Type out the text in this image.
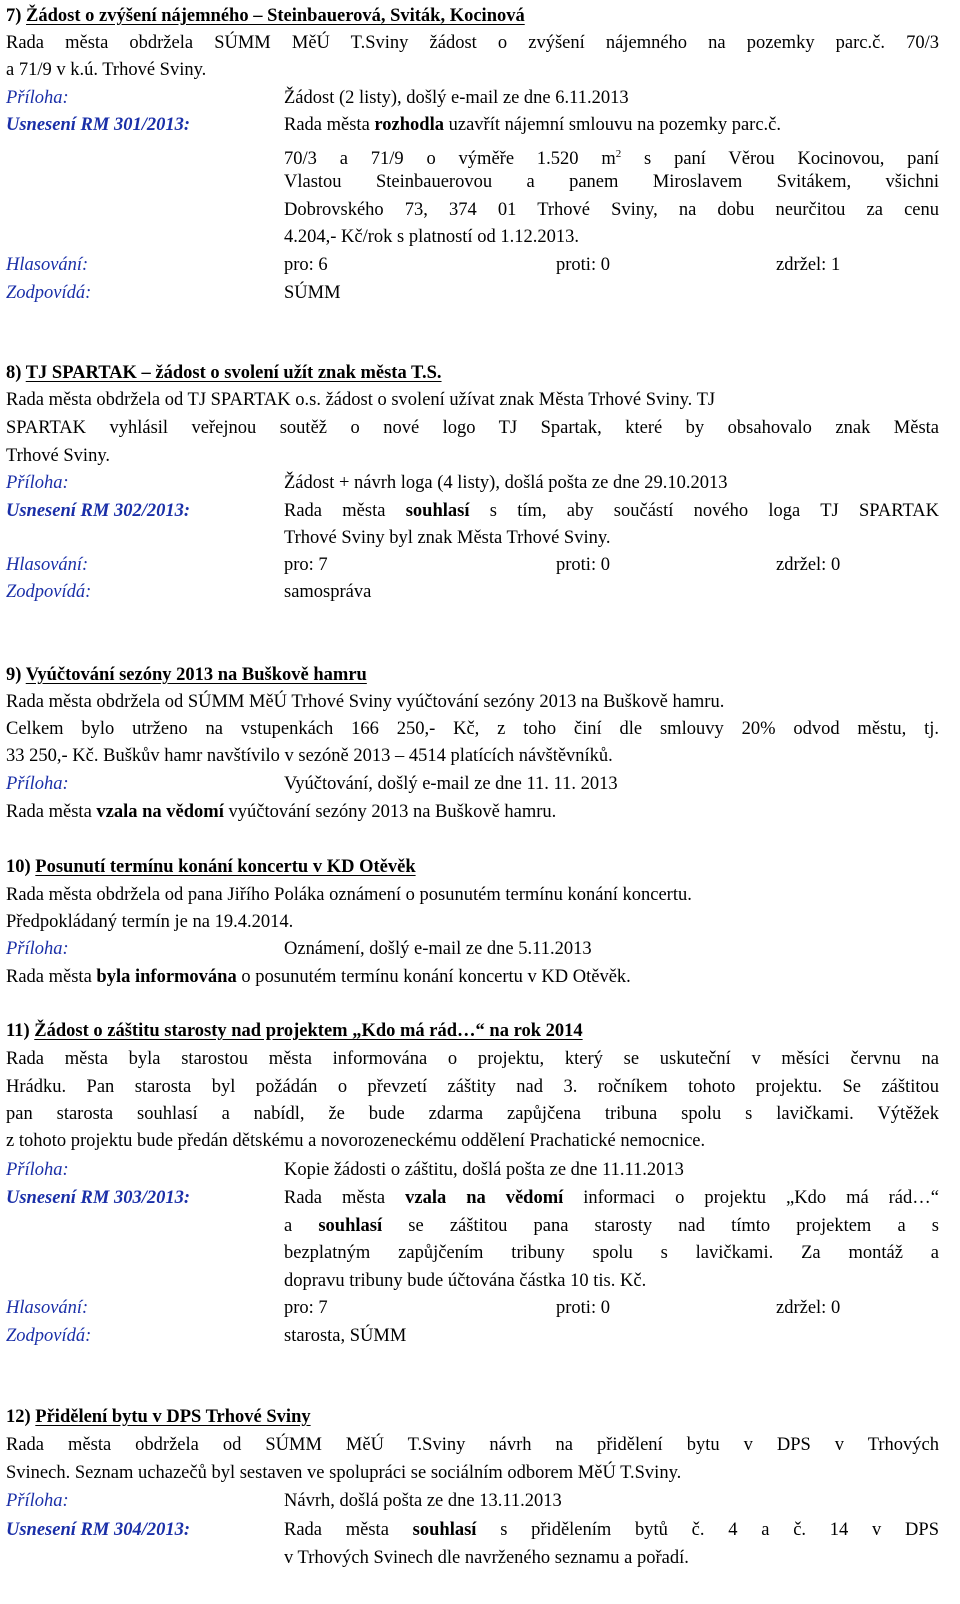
7) Žádost o zvýšení nájemného – Steinbauerová, Sviták, Kocinová
Rada města obdržela SÚMM MěÚ T.Sviny žádost o zvýšení nájemného na pozemky parc.č. 70/3
a 71/9 v k.ú. Trhové Sviny.
Příloha:	Žádost (2 listy), došlý e-mail ze dne 6.11.2013
Usnesení RM 301/2013:	Rada města rozhodla uzavřít nájemní smlouvu na pozemky parc.č.
70/3 a 71/9 o výměře 1.520 $m^2$ s paní Věrou Kocinovou, paní
Vlastou Steinbauerovou a panem Miroslavem Svitákem, všichni
Dobrovského 73, 374 01 Trhové Sviny, na dobu neurčitou za cenu
4.204,- Kč/rok s platností od 1.12.2013.
Hlasování:	pro: 6	proti: 0	zdržel: 1
Zodpovídá:	SÚMM
8) TJ SPARTAK – žádost o svolení užít znak města T.S.
Rada města obdržela od TJ SPARTAK o.s. žádost o svolení užívat znak Města Trhové Sviny. TJ
SPARTAK vyhlásil veřejnou soutěž o nové logo TJ Spartak, které by obsahovalo znak Města
Trhové Sviny.
Příloha:	Žádost + návrh loga (4 listy), došlá pošta ze dne 29.10.2013
Usnesení RM 302/2013:	Rada města souhlasí s tím, aby součástí nového loga TJ SPARTAK
Trhové Sviny byl znak Města Trhové Sviny.
Hlasování:	pro: 7	proti: 0	zdržel: 0
Zodpovídá:	samospráva
9) Vyúčtování sezóny 2013 na Buškově hamru
Rada města obdržela od SÚMM MěÚ Trhové Sviny vyúčtování sezóny 2013 na Buškově hamru.
Celkem bylo utrženo na vstupenkách 166 250,- Kč, z toho činí dle smlouvy 20% odvod městu, tj.
33 250,- Kč. Buškův hamr navštívilo v sezóně 2013 – 4514 platících návštěvníků.
Příloha:	Vyúčtování, došlý e-mail ze dne 11. 11. 2013
Rada města vzala na vědomí vyúčtování sezóny 2013 na Buškově hamru.
10) Posunutí termínu konání koncertu v KD Otěvěk
Rada města obdržela od pana Jiřího Poláka oznámení o posunutém termínu konání koncertu.
Předpokládaný termín je na 19.4.2014.
Příloha:	Oznámení, došlý e-mail ze dne 5.11.2013
Rada města byla informována o posunutém termínu konání koncertu v KD Otěvěk.
11) Žádost o záštitu starosty nad projektem „Kdo má rád…“ na rok 2014
Rada města byla starostou města informována o projektu, který se uskuteční v měsíci červnu na
Hrádku. Pan starosta byl požádán o převzetí záštity nad 3. ročníkem tohoto projektu. Se záštitou
pan starosta souhlasí a nabídl, že bude zdarma zapůjčena tribuna spolu s lavičkami. Výtěžek
z tohoto projektu bude předán dětskému a novorozeneckému oddělení Prachatické nemocnice.
Příloha:	Kopie žádosti o záštitu, došlá pošta ze dne 11.11.2013
Usnesení RM 303/2013:	Rada města vzala na vědomí informaci o projektu „Kdo má rád…“
a souhlasí se záštitou pana starosty nad tímto projektem a s
bezplatným zapůjčením tribuny spolu s lavičkami. Za montáž a
dopravu tribuny bude účtována částka 10 tis. Kč.
Hlasování:	pro: 7	proti: 0	zdržel: 0
Zodpovídá:	starosta, SÚMM
12) Přidělení bytu v DPS Trhové Sviny
Rada města obdržela od SÚMM MěÚ T.Sviny návrh na přidělení bytu v DPS v Trhových
Svinech. Seznam uchazečů byl sestaven ve spolupráci se sociálním odborem MěÚ T.Sviny.
Příloha:	Návrh, došlá pošta ze dne 13.11.2013
Usnesení RM 304/2013:	Rada města souhlasí s přidělením bytů č. 4 a č. 14 v DPS
v Trhových Svinech dle navrženého seznamu a pořadí.
